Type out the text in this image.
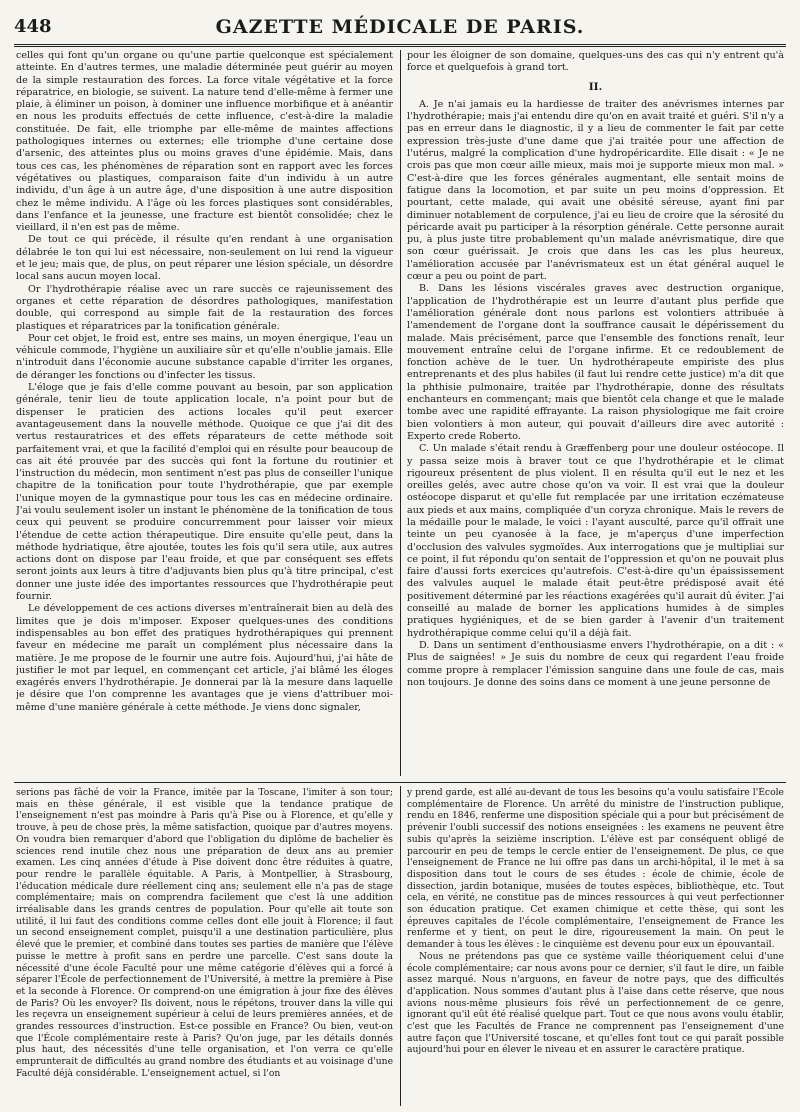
448	GAZETTE MÉDICALE DE PARIS.

celles qui font qu'un organe ou qu'une partie quelconque est spécialement atteinte. En d'autres termes, une maladie déterminée peut guérir au moyen de la simple restauration des forces. La force vitale végétative et la force réparatrice, en biologie, se suivent. La nature tend d'elle-même à fermer une plaie, à éliminer un poison, à dominer une influence morbifique et à anéantir en nous les produits effectués de cette influence, c'est-à-dire la maladie constituée. De fait, elle triomphe par elle-même de maintes affections pathologiques internes ou externes; elle triomphe d'une certaine dose d'arsenic, des atteintes plus ou moins graves d'une épidémie. Mais, dans tous ces cas, les phénomènes de réparation sont en rapport avec les forces végétatives ou plastiques, comparaison faite d'un individu à un autre individu, d'un âge à un autre âge, d'une disposition à une autre disposition chez le même individu. A l'âge où les forces plastiques sont considérables, dans l'enfance et la jeunesse, une fracture est bientôt consolidée; chez le vieillard, il n'en est pas de même.

De tout ce qui précède, il résulte qu'en rendant à une organisation délabrée le ton qui lui est nécessaire, non-seulement on lui rend la vigueur et le jeu; mais que, de plus, on peut réparer une lésion spéciale, un désordre local sans aucun moyen local.

Or l'hydrothérapie réalise avec un rare succès ce rajeunissement des organes et cette réparation de désordres pathologiques, manifestation double, qui correspond au simple fait de la restauration des forces plastiques et réparatrices par la tonification générale.

Pour cet objet, le froid est, entre ses mains, un moyen énergique, l'eau un véhicule commode, l'hygiène un auxiliaire sûr et qu'elle n'oublie jamais. Elle n'introduit dans l'économie aucune substance capable d'irriter les organes, de déranger les fonctions ou d'infecter les tissus.

L'éloge que je fais d'elle comme pouvant au besoin, par son application générale, tenir lieu de toute application locale, n'a point pour but de dispenser le praticien des actions locales qu'il peut exercer avantageusement dans la nouvelle méthode. Quoique ce que j'ai dit des vertus restauratrices et des effets réparateurs de cette méthode soit parfaitement vrai, et que la facilité d'emploi qui en résulte pour beaucoup de cas ait été prouvée par des succès qui font la fortune du routinier et l'instruction du médecin, mon sentiment n'est pas plus de conseiller l'unique chapitre de la tonification pour toute l'hydrothérapie, que par exemple l'unique moyen de la gymnastique pour tous les cas en médecine ordinaire. J'ai voulu seulement isoler un instant le phénomène de la tonification de tous ceux qui peuvent se produire concurremment pour laisser voir mieux l'étendue de cette action thérapeutique. Dire ensuite qu'elle peut, dans la méthode hydriatique, être ajoutée, toutes les fois qu'il sera utile, aux autres actions dont on dispose par l'eau froide, et que par conséquent ses effets seront joints aux leurs à titre d'adjuvants bien plus qu'à titre principal, c'est donner une juste idée des importantes ressources que l'hydrothérapie peut fournir.

Le développement de ces actions diverses m'entraînerait bien au delà des limites que je dois m'imposer. Exposer quelques-unes des conditions indispensables au bon effet des pratiques hydrothérapiques qui prennent faveur en médecine me paraît un complément plus nécessaire dans la matière. Je me propose de le fournir une autre fois. Aujourd'hui, j'ai hâte de justifier le mot par lequel, en commençant cet article, j'ai blâmé les éloges exagérés envers l'hydrothérapie. Je donnerai par là la mesure dans laquelle je désire que l'on comprenne les avantages que je viens d'attribuer moi-même d'une manière générale à cette méthode. Je viens donc signaler,

pour les éloigner de son domaine, quelques-uns des cas qui n'y entrent qu'à force et quelquefois à grand tort.

II.

A. Je n'ai jamais eu la hardiesse de traiter des anévrismes internes par l'hydrothérapie; mais j'ai entendu dire qu'on en avait traité et guéri. S'il n'y a pas en erreur dans le diagnostic, il y a lieu de commenter le fait par cette expression très-juste d'une dame que j'ai traitée pour une affection de l'utérus, malgré la complication d'une hydropéricardite. Elle disait : « Je ne crois pas que mon cœur aille mieux, mais moi je supporte mieux mon mal. » C'est-à-dire que les forces générales augmentant, elle sentait moins de fatigue dans la locomotion, et par suite un peu moins d'oppression. Et pourtant, cette malade, qui avait une obésité séreuse, ayant fini par diminuer notablement de corpulence, j'ai eu lieu de croire que la sérosité du péricarde avait pu participer à la résorption générale. Cette personne aurait pu, à plus juste titre probablement qu'un malade anévrismatique, dire que son cœur guérissait. Je crois que dans les cas les plus heureux, l'amélioration accusée par l'anévrismateux est un état général auquel le cœur a peu ou point de part.

B. Dans les lésions viscérales graves avec destruction organique, l'application de l'hydrothérapie est un leurre d'autant plus perfide que l'amélioration générale dont nous parlons est volontiers attribuée à l'amendement de l'organe dont la souffrance causait le dépérissement du malade. Mais précisément, parce que l'ensemble des fonctions renaît, leur mouvement entraîne celui de l'organe infirme. Et ce redoublement de fonction achève de le tuer. Un hydrothérapeute empiriste des plus entreprenants et des plus habiles (il faut lui rendre cette justice) m'a dit que la phthisie pulmonaire, traitée par l'hydrothérapie, donne des résultats enchanteurs en commençant; mais que bientôt cela change et que le malade tombe avec une rapidité effrayante. La raison physiologique me fait croire bien volontiers à mon auteur, qui pouvait d'ailleurs dire avec autorité : Experto crede Roberto.

C. Un malade s'était rendu à Græffenberg pour une douleur ostéocope. Il y passa seize mois à braver tout ce que l'hydrothérapie et le climat rigoureux présentent de plus violent. Il en résulta qu'il eut le nez et les oreilles gelés, avec autre chose qu'on va voir. Il est vrai que la douleur ostéocope disparut et qu'elle fut remplacée par une irritation eczémateuse aux pieds et aux mains, compliquée d'un coryza chronique. Mais le revers de la médaille pour le malade, le voici : l'ayant ausculté, parce qu'il offrait une teinte un peu cyanosée à la face, je m'aperçus d'une imperfection d'occlusion des valvules sygmoïdes. Aux interrogations que je multipliai sur ce point, il fut répondu qu'on sentait de l'oppression et qu'on ne pouvait plus faire d'aussi forts exercices qu'autrefois. C'est-à-dire qu'un épaississement des valvules auquel le malade était peut-être prédisposé avait été positivement déterminé par les réactions exagérées qu'il aurait dû éviter. J'ai conseillé au malade de borner les applications humides à de simples pratiques hygiéniques, et de se bien garder à l'avenir d'un traitement hydrothérapique comme celui qu'il a déjà fait.

D. Dans un sentiment d'enthousiasme envers l'hydrothérapie, on a dit : « Plus de saignées! » Je suis du nombre de ceux qui regardent l'eau froide comme propre à remplacer l'émission sanguine dans une foule de cas, mais non toujours. Je donne des soins dans ce moment à une jeune personne de

serions pas fâché de voir la France, imitée par la Toscane, l'imiter à son tour; mais en thèse générale, il est visible que la tendance pratique de l'enseignement n'est pas moindre à Paris qu'à Pise ou à Florence, et qu'elle y trouve, à peu de chose près, la même satisfaction, quoique par d'autres moyens. On voudra bien remarquer d'abord que l'obligation du diplôme de bachelier ès sciences rend inutile chez nous une préparation de deux ans au premier examen. Les cinq années d'étude à Pise doivent donc être réduites à quatre, pour rendre le parallèle équitable. A Paris, à Montpellier, à Strasbourg, l'éducation médicale dure réellement cinq ans; seulement elle n'a pas de stage complémentaire; mais on comprendra facilement que c'est là une addition irréalisable dans les grands centres de population. Pour qu'elle ait toute son utilité, il lui faut des conditions comme celles dont elle jouit à Florence; il faut un second enseignement complet, puisqu'il a une destination particulière, plus élevé que le premier, et combiné dans toutes ses parties de manière que l'élève puisse le mettre à profit sans en perdre une parcelle. C'est sans doute la nécessité d'une école Faculté pour une même catégorie d'élèves qui a forcé à séparer l'École de perfectionnement de l'Université, à mettre la première à Pise et la seconde à Florence. Or comprend-on une émigration à jour fixe des élèves de Paris? Où les envoyer? Ils doivent, nous le répétons, trouver dans la ville qui les reçevra un enseignement supérieur à celui de leurs premières années, et de grandes ressources d'instruction. Est-ce possible en France? Ou bien, veut-on que l'École complémentaire reste à Paris? Qu'on juge, par les détails donnés plus haut, des nécessités d'une telle organisation, et l'on verra ce qu'elle emprunterait de difficultés au grand nombre des étudiants et au voisinage d'une Faculté déjà considérable. L'enseignement actuel, si l'on

y prend garde, est allé au-devant de tous les besoins qu'a voulu satisfaire l'École complémentaire de Florence. Un arrêté du ministre de l'instruction publique, rendu en 1846, renferme une disposition spéciale qui a pour but précisément de prévenir l'oubli successif des notions enseignées : les examens ne peuvent être subis qu'après la seizième inscription. L'élève est par conséquent obligé de parcourir en peu de temps le cercle entier de l'enseignement. De plus, ce que l'enseignement de France ne lui offre pas dans un archi-hôpital, il le met à sa disposition dans tout le cours de ses études : école de chimie, école de dissection, jardin botanique, musées de toutes espèces, bibliothèque, etc. Tout cela, en vérité, ne constitue pas de minces ressources à qui veut perfectionner son éducation pratique. Cet examen chimique et cette thèse, qui sont les épreuves capitales de l'école complémentaire, l'enseignement de France les renferme et y tient, on peut le dire, rigoureusement la main. On peut le demander à tous les élèves : le cinquième est devenu pour eux un épouvantail.

Nous ne prétendons pas que ce système vaille théoriquement celui d'une école complémentaire; car nous avons pour ce dernier, s'il faut le dire, un faible assez marqué. Nous n'arguons, en faveur de notre pays, que des difficultés d'application. Nous sommes d'autant plus à l'aise dans cette réserve, que nous avions nous-même plusieurs fois rêvé un perfectionnement de ce genre, ignorant qu'il eût été réalisé quelque part. Tout ce que nous avons voulu établir, c'est que les Facultés de France ne comprennent pas l'enseignement d'une autre façon que l'Université toscane, et qu'elles font tout ce qui paraît possible aujourd'hui pour en élever le niveau et en assurer le caractère pratique.
